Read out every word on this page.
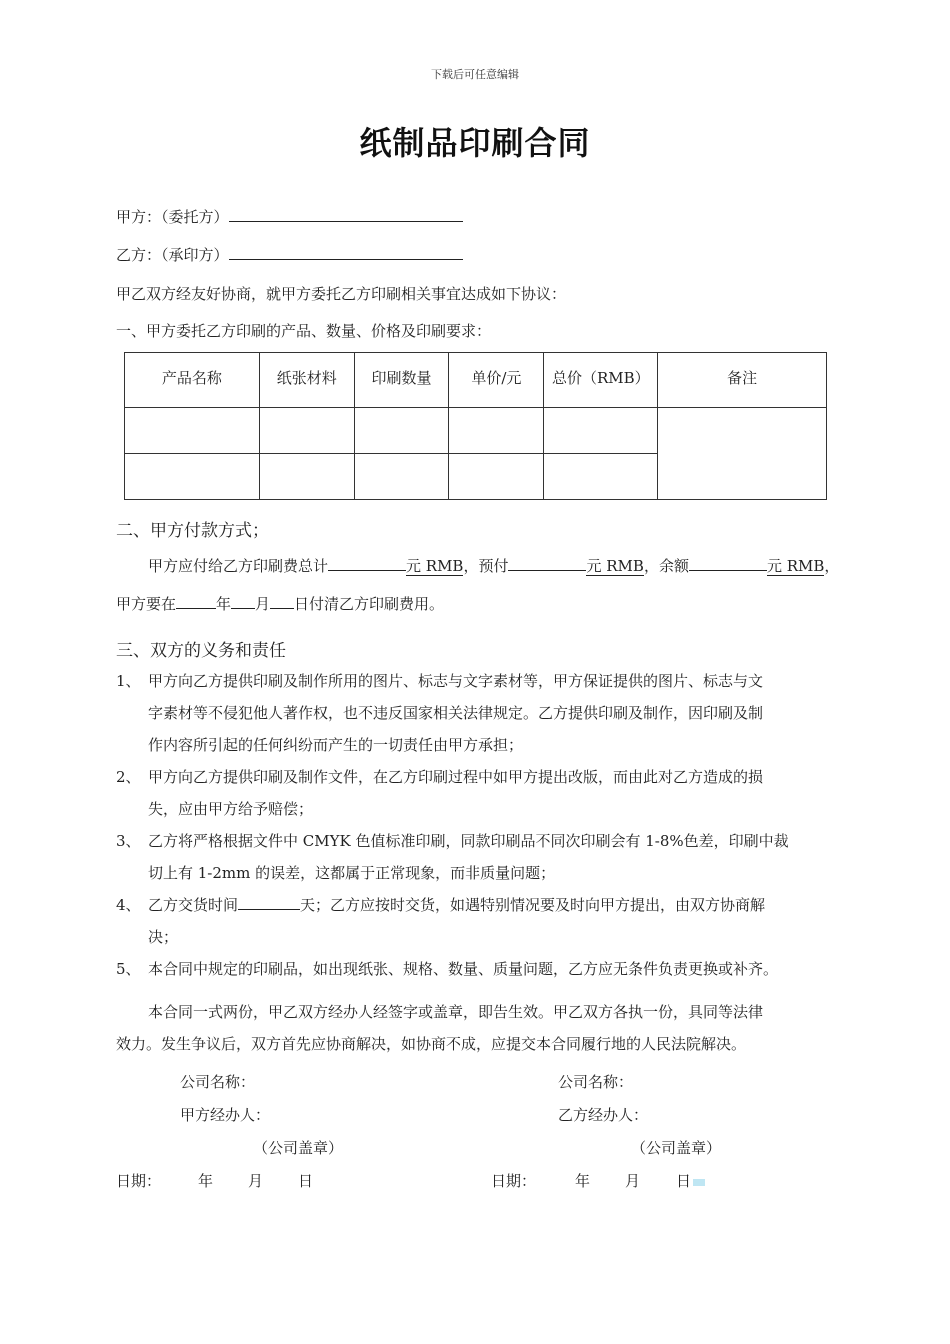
下载后可任意编辑
纸制品印刷合同
甲方：（委托方）
乙方：（承印方）
甲乙双方经友好协商，就甲方委托乙方印刷相关事宜达成如下协议：
一、甲方委托乙方印刷的产品、数量、价格及印刷要求：
产品名称	纸张材料	印刷数量	单价/元	总价（RMB）	备注

二、甲方付款方式；
甲方应付给乙方印刷费总计	元 RMB，预付	元 RMB，余额	元 RMB，
甲方要在	年 月 日付清乙方印刷费用。
三、双方的义务和责任
1、 甲方向乙方提供印刷及制作所用的图片、标志与文字素材等，甲方保证提供的图片、标志与文
字素材等不侵犯他人著作权，也不违反国家相关法律规定。乙方提供印刷及制作，因印刷及制
作内容所引起的任何纠纷而产生的一切责任由甲方承担；
2、 甲方向乙方提供印刷及制作文件，在乙方印刷过程中如甲方提出改版，而由此对乙方造成的损
失，应由甲方给予赔偿；
3、 乙方将严格根据文件中 CMYK 色值标准印刷，同款印刷品不同次印刷会有 1-8%色差，印刷中裁
切上有 1-2mm 的误差，这都属于正常现象，而非质量问题；
4、 乙方交货时间	天；乙方应按时交货，如遇特别情况要及时向甲方提出，由双方协商解
决；
5、 本合同中规定的印刷品，如出现纸张、规格、数量、质量问题，乙方应无条件负责更换或补齐。
本合同一式两份，甲乙双方经办人经签字或盖章，即告生效。甲乙双方各执一份，具同等法律
效力。发生争议后，双方首先应协商解决，如协商不成，应提交本合同履行地的人民法院解决。
公司名称：	公司名称：
甲方经办人：	乙方经办人：
（公司盖章）	（公司盖章）
日期： 年 月 日	日期：	年 月 日
